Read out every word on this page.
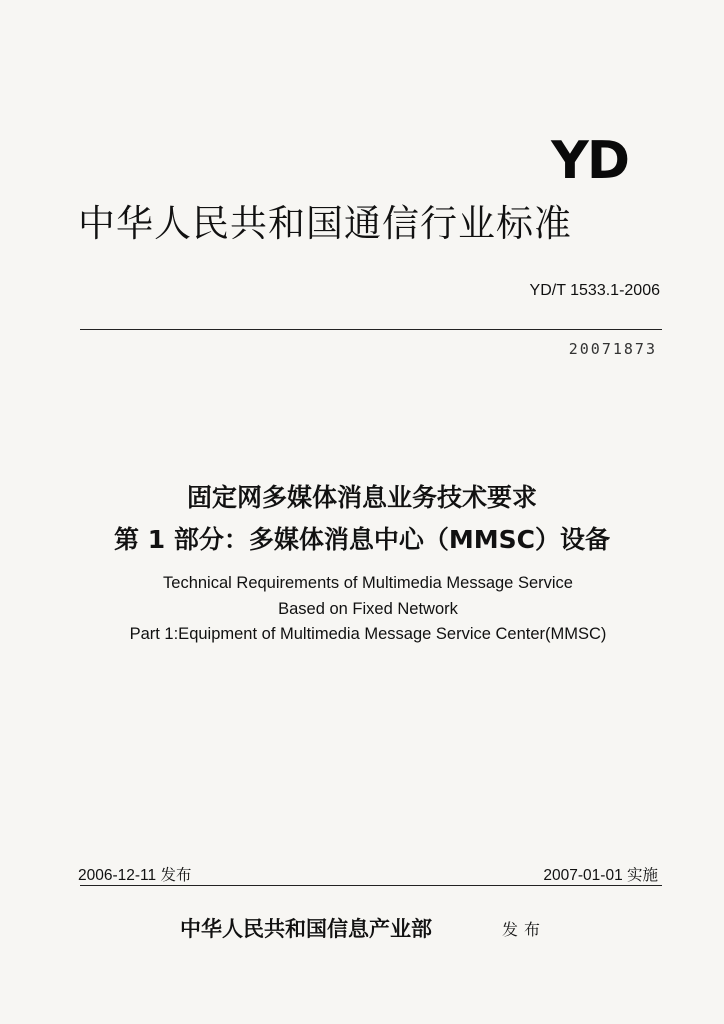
YD
中华人民共和国通信行业标准
YD/T 1533.1-2006
20071873
固定网多媒体消息业务技术要求
第 1 部分：多媒体消息中心（MMSC）设备
Technical Requirements of Multimedia Message Service
Based on Fixed Network
Part 1:Equipment of Multimedia Message Service Center(MMSC)
2006-12-11 发布	2007-01-01 实施
中华人民共和国信息产业部	发布
